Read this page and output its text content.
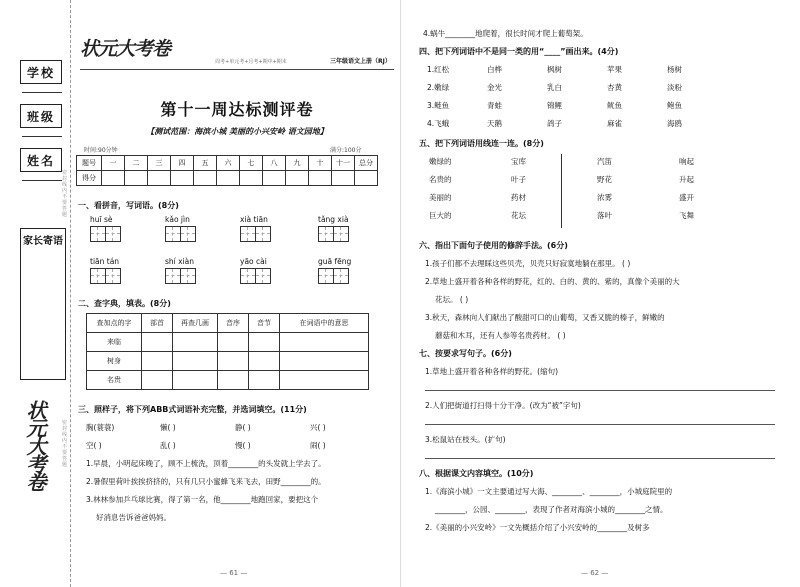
学校
班级
姓名
家长寄语
密封线内不要答题
密封线内不要答题
状元大考卷
状元大考卷
周考+单元考+月考+期中+期末	三年级语文上册（RJ）
第十一周达标测评卷
【测试范围：海滨小城 美丽的小兴安岭 语文园地】
时间:90分钟	满分:100分
题号	一	二	三	四	五	六	七	八	九	十	十一	总分
得分												
一、看拼音，写词语。(8分)
huī sè	kǎo jìn	xià tiān	tǎng xià
tiān tán	shí xiàn	yāo cài	guā fēng
二、查字典，填表。(8分)
查加点的字	部首	再查几画	音序	音节	在词语中的意思
来临					
树身					
名贵					
三、照样子，将下列ABB式词语补充完整，并选词填空。(11分)
胸(蓑蓑)	懒( )	静( )	兴( )
空( )	乱( )	慢( )	闹( )
1.早晨，小明起床晚了，顾不上梳洗，顶着________的头发就上学去了。
2.暑假里荷叶挨挨挤挤的，只有几只小蜜蜂飞来飞去，田野________的。
3.林林参加乒乓球比赛，得了第一名，他________地跑回家，要把这个
好消息告诉爸爸妈妈。
— 61 —
4.蜗牛________地爬着，很长时间才爬上葡萄架。
四、把下列词语中不是同一类的用“____”画出来。(4分)
1.红松	白桦	枫树	苹果	杨树
2.嫩绿	金光	乳白	杏黄	淡粉
3.鲢鱼	青蛙	锦鲤	鱿鱼	鲍鱼
4.飞蛾	天鹅	鸽子	麻雀	海鸥
五、把下列词语用线连一连。(8分)
嫩绿的
名贵的
美丽的
巨大的
宝库
叶子
药材
花坛
汽笛
野花
浓雾
落叶
响起
升起
盛开
飞舞
六、指出下面句子使用的修辞手法。(6分)
1.孩子们都不去理睬这些贝壳，贝壳只好寂寞地躺在那里。 ( )
2.草地上盛开着各种各样的野花，红的、白的、黄的、紫的，真像个美丽的大
花坛。 ( )
3.秋天，森林向人们献出了酸甜可口的山葡萄，又香又脆的榛子，鲜嫩的
蘑菇和木耳，还有人参等名贵药材。 ( )
七、按要求写句子。(6分)
1.草地上盛开着各种各样的野花。(缩句)
2.人们把街道打扫得十分干净。(改为“被”字句)
3.松鼠站在枝头。(扩句)
八、根据课文内容填空。(10分)
1.《海滨小城》一文主要通过写大海、________、________，小城庭院里的
________，公园、________，表现了作者对海滨小城的________之情。
2.《美丽的小兴安岭》一文先概括介绍了小兴安岭的________及树多
— 62 —
